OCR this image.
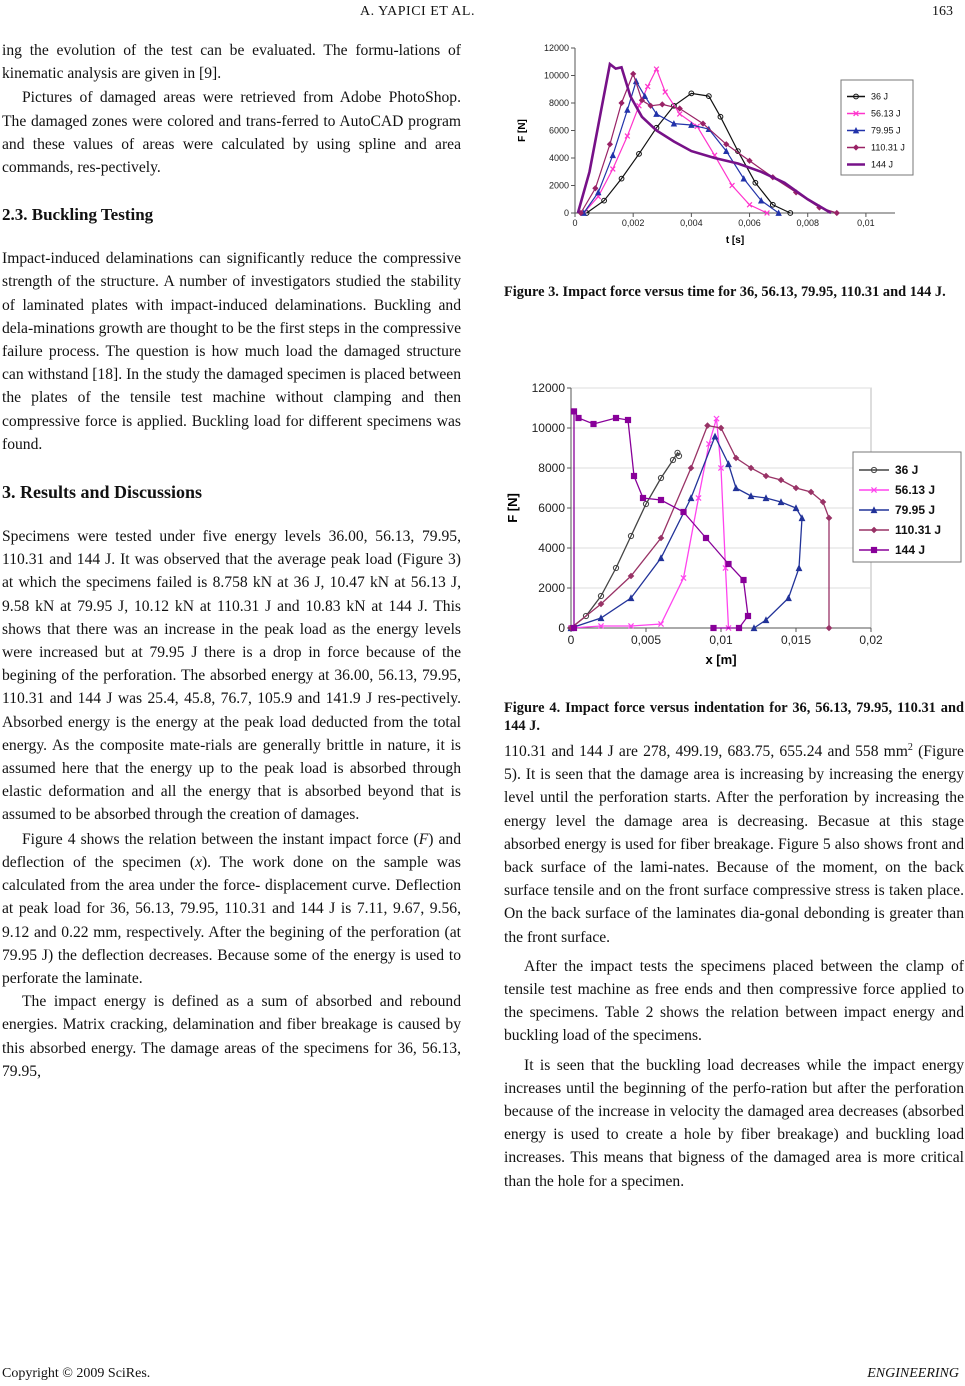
A. YAPICI ET AL.	163

ing the evolution of the test can be evaluated. The formu-lations of kinematic analysis are given in [9].

Pictures of damaged areas were retrieved from Adobe PhotoShop. The damaged zones were colored and trans-ferred to AutoCAD program and these values of areas were calculated by using spline and area commands, res-pectively.

2.3. Buckling Testing

Impact-induced delaminations can significantly reduce the compressive strength of the structure. A number of investigators studied the stability of laminated plates with impact-induced delaminations. Buckling and dela-minations growth are thought to be the first steps in the compressive failure process. The question is how much load the damaged structure can withstand [18]. In the study the damaged specimen is placed between the plates of the tensile test machine without clamping and then compressive force is applied. Buckling load for different specimens was found.

3. Results and Discussions

Specimens were tested under five energy levels 36.00, 56.13, 79.95, 110.31 and 144 J. It was observed that the average peak load (Figure 3) at which the specimens failed is 8.758 kN at 36 J, 10.47 kN at 56.13 J, 9.58 kN at 79.95 J, 10.12 kN at 110.31 J and 10.83 kN at 144 J. This shows that there was an increase in the peak load as the energy levels were increased but at 79.95 J there is a drop in force because of the begining of the perforation. The absorbed energy at 36.00, 56.13, 79.95, 110.31 and 144 J was 25.4, 45.8, 76.7, 105.9 and 141.9 J res-pectively. Absorbed energy is the energy at the peak load deducted from the total energy. As the composite mate-rials are generally brittle in nature, it is assumed here that the energy up to the peak load is absorbed through elastic deformation and all the energy that is absorbed beyond that is assumed to be absorbed through the creation of damages.

Figure 4 shows the relation between the instant impact force (F) and deflection of the specimen (x). The work done on the sample was calculated from the area under the force- displacement curve. Deflection at peak load for 36, 56.13, 79.95, 110.31 and 144 J is 7.11, 9.67, 9.56, 9.12 and 0.22 mm, respectively. After the begining of the perforation (at 79.95 J) the deflection decreases. Because some of the energy is used to perforate the laminate.

The impact energy is defined as a sum of absorbed and rebound energies. Matrix cracking, delamination and fiber breakage is caused by this absorbed energy. The damage areas of the specimens for 36, 56.13, 79.95,

0
2000
4000
6000
8000
10000
12000
0	0,002	0,004	0,006	0,008	0,01
t [s]
F [N]
36 J
56.13 J
79.95 J
110.31 J
144 J
Figure 3. Impact force versus time for 36, 56.13, 79.95, 110.31 and 144 J.
0
2000
4000
6000
8000
10000
12000
0	0,005	0,01	0,015	0,02
x [m]
F [N]
36 J
56.13 J
79.95 J
110.31 J
144 J
Figure 4. Impact force versus indentation for 36, 56.13, 79.95, 110.31 and 144 J.

110.31 and 144 J are 278, 499.19, 683.75, 655.24 and 558 $mm^2$ (Figure 5). It is seen that the damage area is increasing by increasing the energy level until the perforation starts. After the perforation by increasing the energy level the damage area is decreasing. Becasue at this stage absorbed energy is used for fiber breakage. Figure 5 also shows front and back surface of the lami-nates. Because of the moment, on the back surface tensile and on the front surface compressive stress is taken place. On the back surface of the laminates dia-gonal debonding is greater than the front surface.

After the impact tests the specimens placed between the clamp of tensile test machine as free ends and then compressive force applied to the specimens. Table 2 shows the relation between impact energy and buckling load of the specimens.

It is seen that the buckling load decreases while the impact energy increases until the beginning of the perfo-ration but after the perforation because of the increase in velocity the damaged area decreases (absorbed energy is used to create a hole by fiber breakage) and buckling load increases. This means that bigness of the damaged area is more critical than the hole for a specimen.

Copyright © 2009 SciRes.	ENGINEERING
